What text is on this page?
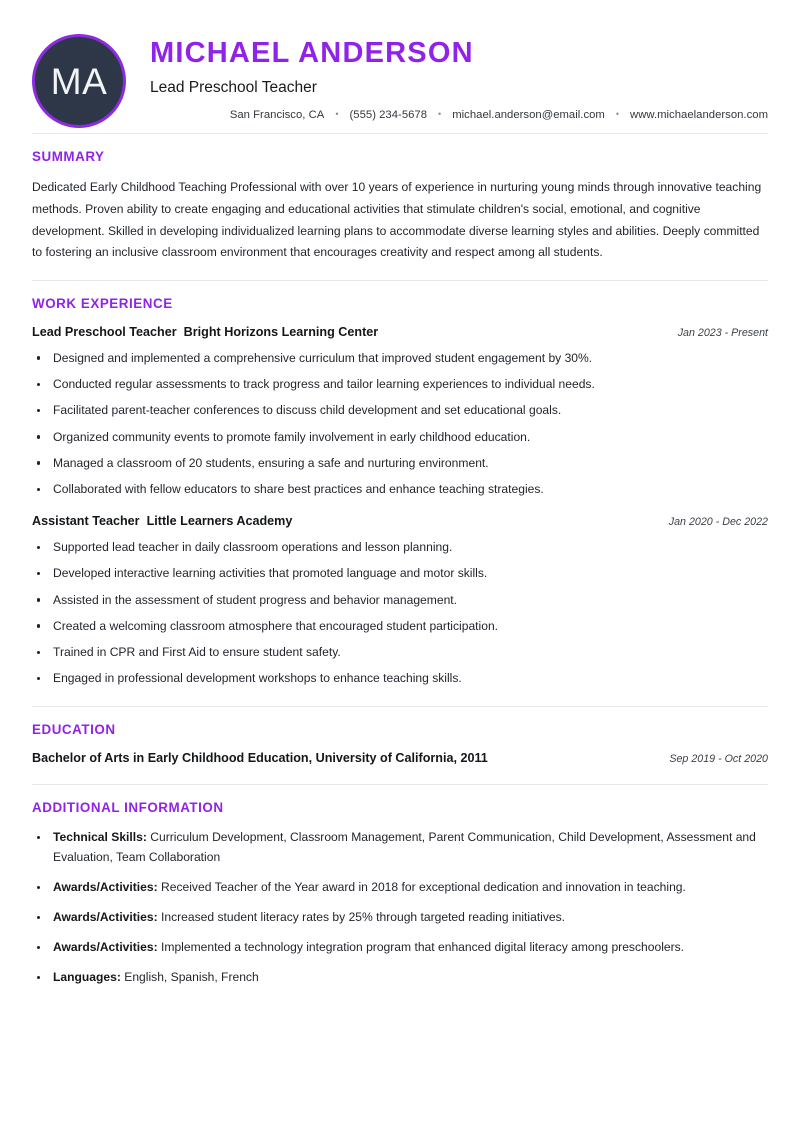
MA
MICHAEL ANDERSON
Lead Preschool Teacher
San Francisco, CA • (555) 234-5678 • michael.anderson@email.com • www.michaelanderson.com
SUMMARY

Dedicated Early Childhood Teaching Professional with over 10 years of experience in nurturing young minds through innovative teaching methods. Proven ability to create engaging and educational activities that stimulate children's social, emotional, and cognitive development. Skilled in developing individualized learning plans to accommodate diverse learning styles and abilities. Deeply committed to fostering an inclusive classroom environment that encourages creativity and respect among all students.

WORK EXPERIENCE
Lead Preschool Teacher Bright Horizons Learning Center	Jan 2023 - Present
Designed and implemented a comprehensive curriculum that improved student engagement by 30%.
Conducted regular assessments to track progress and tailor learning experiences to individual needs.
Facilitated parent-teacher conferences to discuss child development and set educational goals.
Organized community events to promote family involvement in early childhood education.
Managed a classroom of 20 students, ensuring a safe and nurturing environment.
Collaborated with fellow educators to share best practices and enhance teaching strategies.
Assistant Teacher Little Learners Academy	Jan 2020 - Dec 2022
Supported lead teacher in daily classroom operations and lesson planning.
Developed interactive learning activities that promoted language and motor skills.
Assisted in the assessment of student progress and behavior management.
Created a welcoming classroom atmosphere that encouraged student participation.
Trained in CPR and First Aid to ensure student safety.
Engaged in professional development workshops to enhance teaching skills.
EDUCATION
Bachelor of Arts in Early Childhood Education, University of California, 2011	Sep 2019 - Oct 2020
ADDITIONAL INFORMATION
Technical Skills: Curriculum Development, Classroom Management, Parent Communication, Child Development, Assessment and Evaluation, Team Collaboration
Awards/Activities: Received Teacher of the Year award in 2018 for exceptional dedication and innovation in teaching.
Awards/Activities: Increased student literacy rates by 25% through targeted reading initiatives.
Awards/Activities: Implemented a technology integration program that enhanced digital literacy among preschoolers.
Languages: English, Spanish, French
